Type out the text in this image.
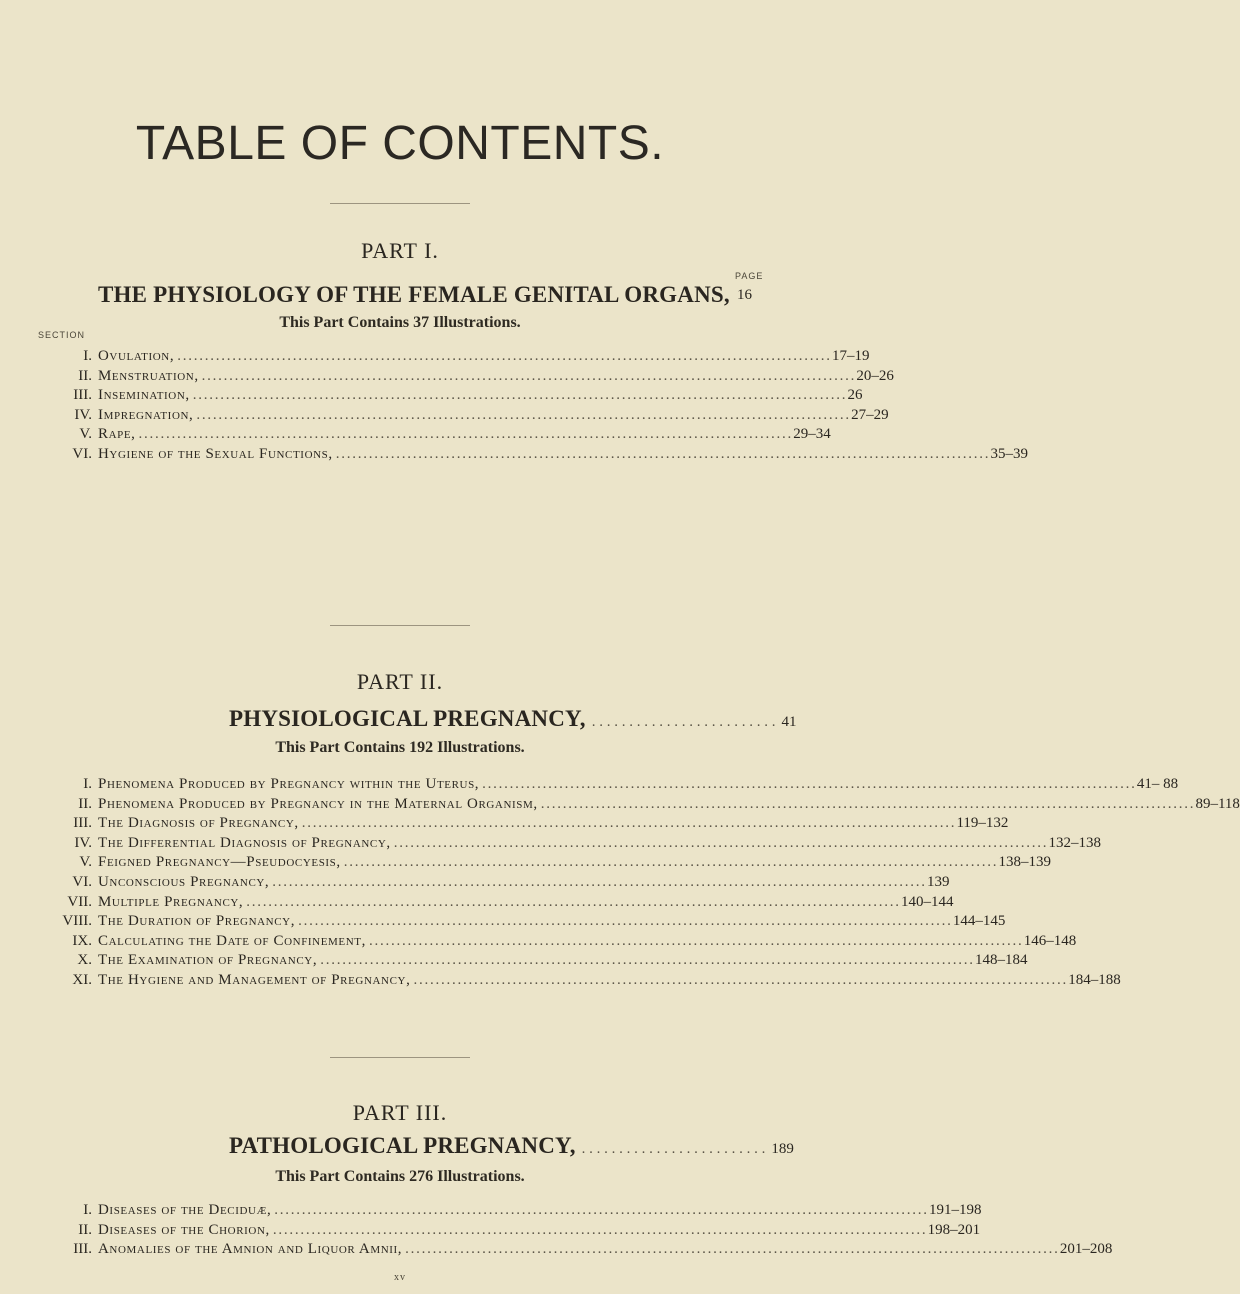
TABLE OF CONTENTS.
PART I.
PAGE
THE PHYSIOLOGY OF THE FEMALE GENITAL ORGANS, 16
This Part Contains 37 Illustrations.
SECTION
I. Ovulation, . . .	17–19
II. Menstruation, . . .	20–26
III. Insemination, . . .	26
IV. Impregnation, . . .	27–29
V. Rape, . . .	29–34
VI. Hygiene of the Sexual Functions, . . .	35–39
PART II.
PHYSIOLOGICAL PREGNANCY, . . . . . . . . . . . . . . . . . . . . . . . . . 41
This Part Contains 192 Illustrations.
I. Phenomena Produced by Pregnancy within the Uterus, . . .	41– 88
II. Phenomena Produced by Pregnancy in the Maternal Organism, . . .	89–118
III. The Diagnosis of Pregnancy, . . .	119–132
IV. The Differential Diagnosis of Pregnancy, . . .	132–138
V. Feigned Pregnancy—Pseudocyesis, . . .	138–139
VI. Unconscious Pregnancy, . . .	139
VII. Multiple Pregnancy, . . .	140–144
VIII. The Duration of Pregnancy, . . .	144–145
IX. Calculating the Date of Confinement, . . .	146–148
X. The Examination of Pregnancy, . . .	148–184
XI. The Hygiene and Management of Pregnancy, . . .	184–188
PART III.
PATHOLOGICAL PREGNANCY, . . . . . . . . . . . . . . . . . . . . . . . . . 189
This Part Contains 276 Illustrations.
I. Diseases of the Deciduæ, . . .	191–198
II. Diseases of the Chorion, . . .	198–201
III. Anomalies of the Amnion and Liquor Amnii, . . .	201–208
xv
